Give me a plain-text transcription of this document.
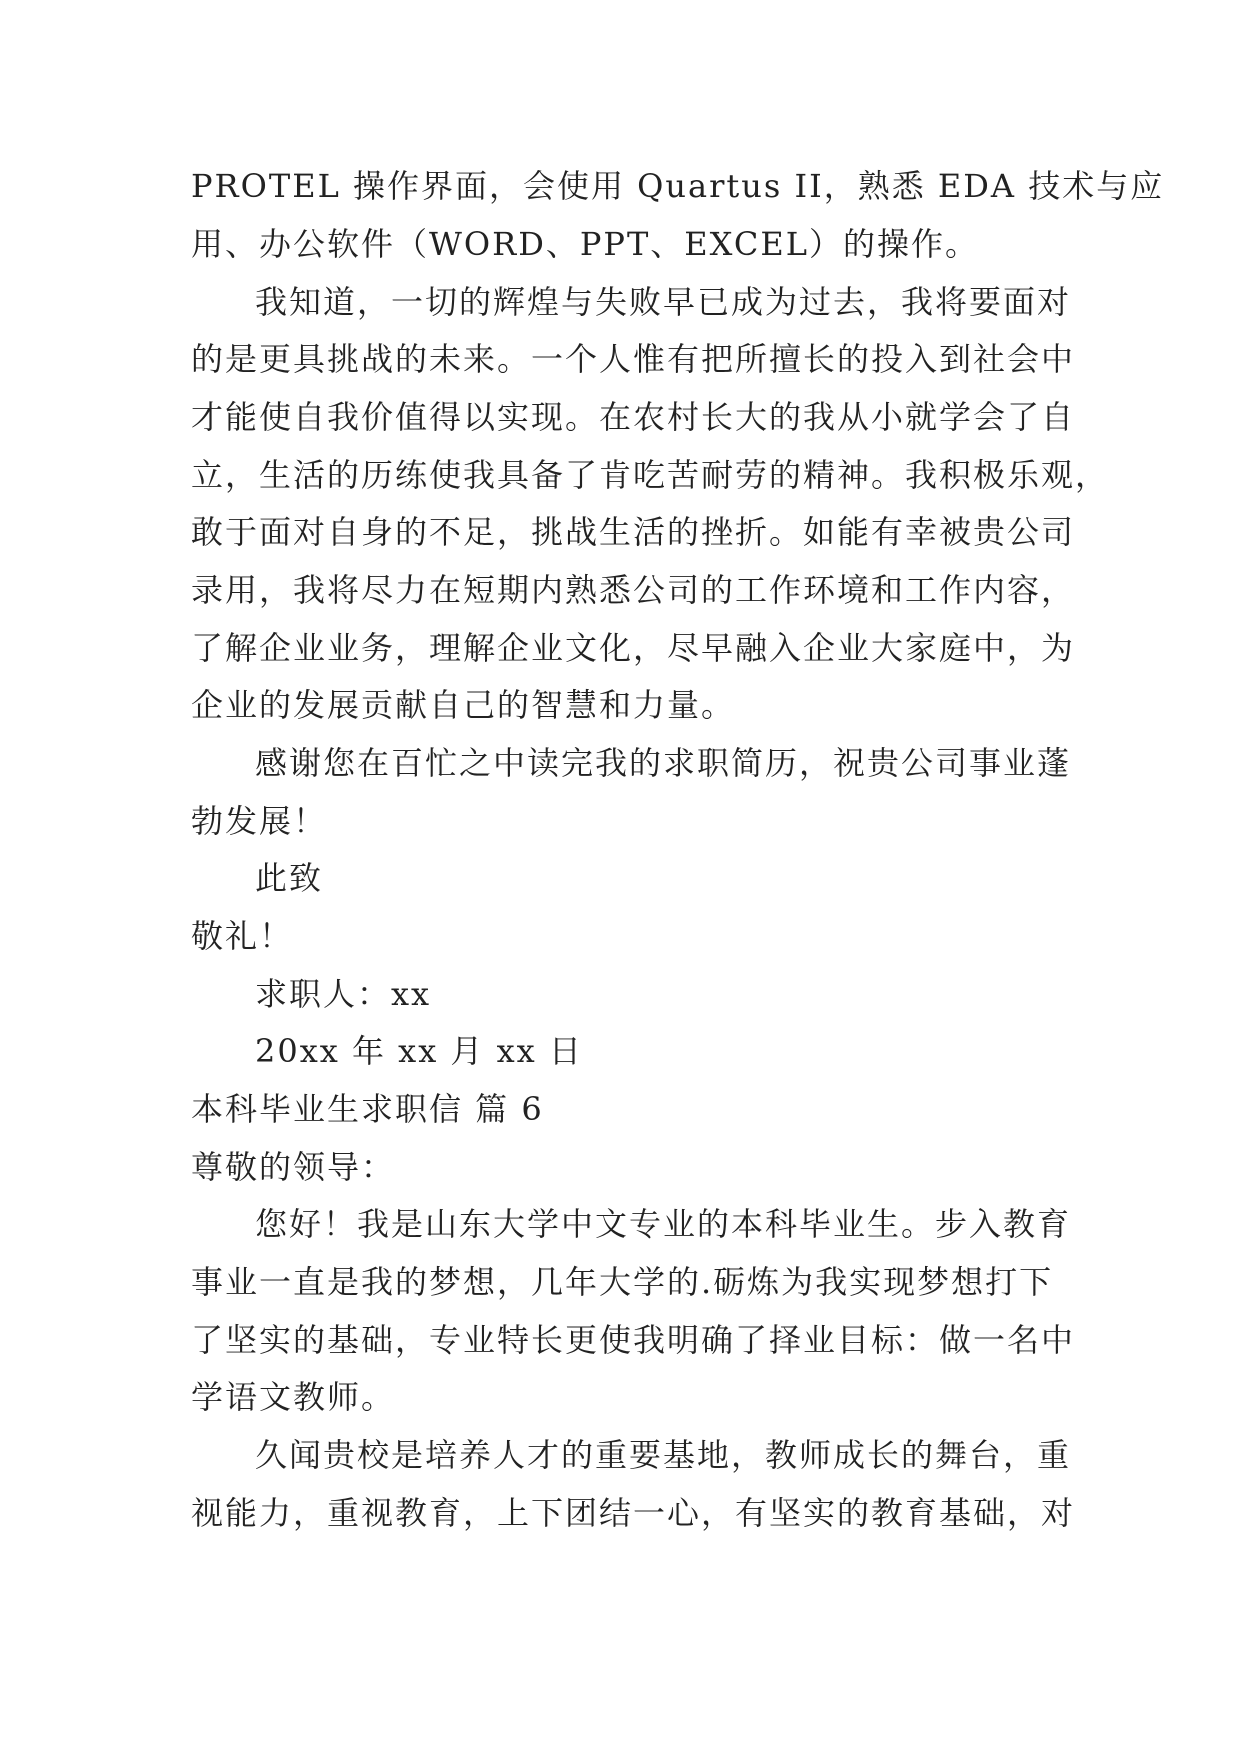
PROTEL 操作界面，会使用 Quartus II，熟悉 EDA 技术与应
用、办公软件（WORD、PPT、EXCEL）的操作。
我知道，一切的辉煌与失败早已成为过去，我将要面对
的是更具挑战的未来。一个人惟有把所擅长的投入到社会中
才能使自我价值得以实现。在农村长大的我从小就学会了自
立，生活的历练使我具备了肯吃苦耐劳的精神。我积极乐观，
敢于面对自身的不足，挑战生活的挫折。如能有幸被贵公司
录用，我将尽力在短期内熟悉公司的工作环境和工作内容，
了解企业业务，理解企业文化，尽早融入企业大家庭中，为
企业的发展贡献自己的智慧和力量。
感谢您在百忙之中读完我的求职简历，祝贵公司事业蓬
勃发展！
此致
敬礼！
求职人：xx
20xx 年 xx 月 xx 日
本科毕业生求职信 篇 6
尊敬的领导：
您好！我是山东大学中文专业的本科毕业生。步入教育
事业一直是我的梦想，几年大学的.砺炼为我实现梦想打下
了坚实的基础，专业特长更使我明确了择业目标：做一名中
学语文教师。
久闻贵校是培养人才的重要基地，教师成长的舞台，重
视能力，重视教育，上下团结一心，有坚实的教育基础，对
